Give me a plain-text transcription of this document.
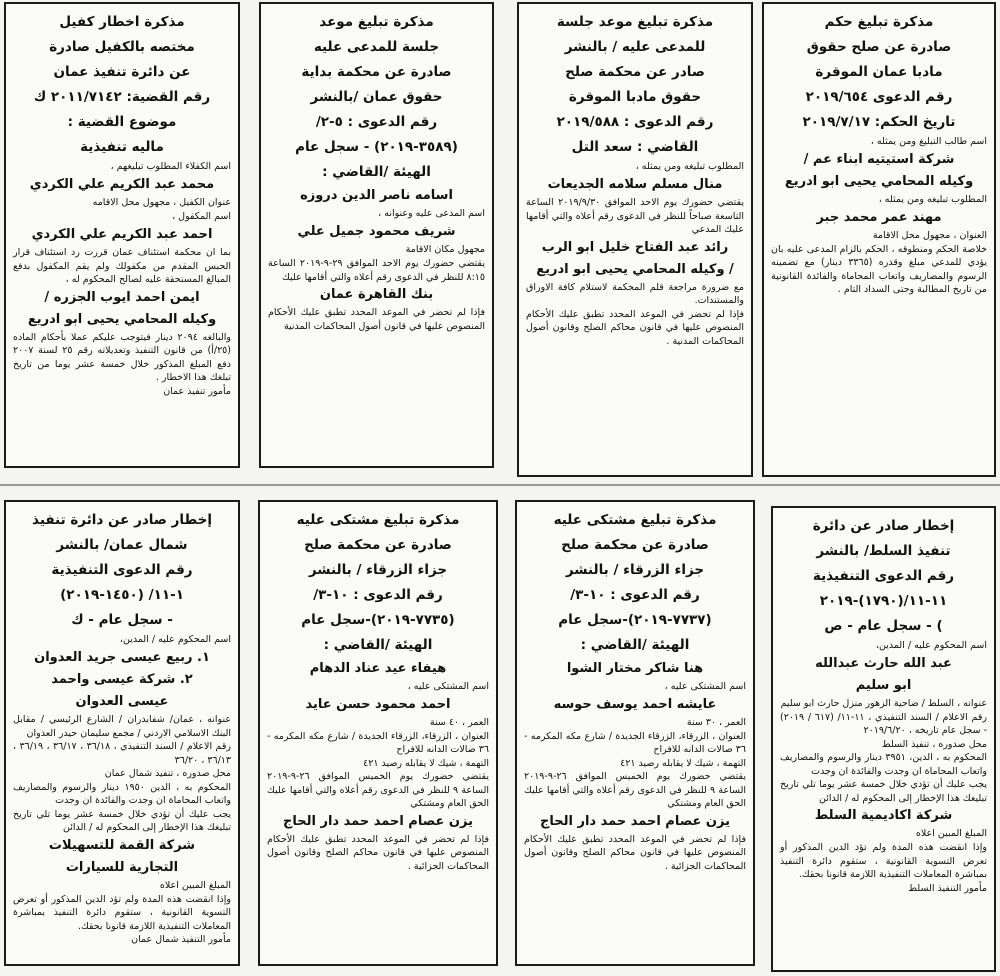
مذكرة تبليغ حكم
صادرة عن صلح حقوق
مادبا عمان الموقرة
رقم الدعوى ٢٠١٩/٦٥٤
تاريخ الحكم: ٢٠١٩/٧/١٧
اسم طالب التبليغ ومن يمثله ،
شركة استيتيه ابناء عم /
وكيله المحامي يحيى ابو ادريع
المطلوب تبليغه ومن يمثله ،
مهند عمر محمد جبر
العنوان ، مجهول محل الاقامة
خلاصة الحكم ومنطوقه ، الحكم بالزام المدعى عليه بان يؤدي للمدعي مبلغ وقدره (٣٣٦٥ دينار) مع تضمينه الرسوم والمصاريف واتعاب المحاماة والفائدة القانونية من تاريخ المطالبة وحتى السداد التام .
مذكرة تبليغ موعد جلسة
للمدعى عليه / بالنشر
صادر عن محكمة صلح
حقوق مادبا الموقرة
رقم الدعوى : ٢٠١٩/٥٨٨
القاضي : سعد التل
المطلوب تبليغه ومن يمثله ،
منال مسلم سلامه الجديعات
يقتضي حضورك يوم الاحد الموافق ٢٠١٩/٩/٣٠ الساعة التاسعة صباحاً للنظر في الدعوى رقم أعلاه والتي أقامها عليك المدعي
رائد عبد الفتاح خليل ابو الرب
/ وكيله المحامي يحيى ابو ادريع
مع ضرورة مراجعة قلم المحكمة لاستلام كافة الاوراق والمستندات.
فإذا لم تحضر في الموعد المحدد تطبق عليك الأحكام المنصوص عليها في قانون محاكم الصلح وقانون أصول المحاكمات المدنية .
مذكرة تبليغ موعد
جلسة للمدعى عليه
صادرة عن محكمة بداية
حقوق عمان /بالنشر
رقم الدعوى : ٥-٢/
(٣٥٨٩-٢٠١٩) - سجل عام
الهيئة /القاضي :
اسامه ناصر الدين دروزه
اسم المدعى عليه وعنوانه ،
شريف محمود جميل علي
مجهول مكان الاقامة
يقتضي حضورك يوم الاحد الموافق ٢٩-٩-٢٠١٩ الساعة ٨:١٥ للنظر في الدعوى رقم أعلاه والتي أقامها عليك
بنك القاهرة عمان
فإذا لم تحضر في الموعد المحدد تطبق عليك الأحكام المنصوص عليها في قانون أصول المحاكمات المدنية
مذكرة اخطار كفيل
مختصه بالكفيل صادرة
عن دائرة تنفيذ عمان
رقم القضية: ٢٠١١/٧١٤٢ ك
موضوع القضية :
ماليه تنفيذية
اسم الكفلاء المطلوب تبليغهم ،
محمد عبد الكريم علي الكردي
عنوان الكفيل ، مجهول محل الاقامه
اسم المكفول ،
احمد عبد الكريم علي الكردي
بما ان محكمة استئناف عمان قررت رد استئناف قرار الحبس المقدم من مكفولك ولم يقم المكفول بدفع المبالغ المستحقة عليه لصالح المحكوم له ،
ايمن احمد ايوب الجزره /
وكيله المحامي يحيى ابو ادريع
والبالغه ٢٠٩٤ دينار فيتوجب عليكم عملا بأحكام الماده (٢٥/أ) من قانون التنفيذ وتعديلاته رقم ٢٥ لسنة ٢٠٠٧ دفع المبلغ المذكور خلال خمسة عشر يوما من تاريخ تبلغك هذا الاخطار .
مأمور تنفيذ عمان
إخطار صادر عن دائرة
تنفيذ السلط/ بالنشر
رقم الدعوى التنفيذية
١١-١١/(١٧٩٠)-٢٠١٩
) - سجل عام - ص
اسم المحكوم عليه / المدين،
عبد الله حارث عبدالله
ابو سليم
عنوانه ، السلط / ضاحية الزهور منزل حارث ابو سليم
رقم الاعلام / السند التنفيذي ، ١١-١١/ (٦١٧ / ٢٠١٩) - سجل عام تاريخه ، ٢٠١٩/٦/٢٠
محل صدوره ، تنفيذ السلط
المحكوم به ، الدين، ٣٩٥١ دينار والرسوم والمصاريف واتعاب المحاماة ان وجدت والفائدة ان وجدت
يجب عليك أن تؤدي خلال خمسة عشر يوما تلي تاريخ تبليغك هذا الإخطار إلى المحكوم له / الدائن
شركة اكاديمية السلط
المبلغ المبين اعلاه
وإذا انقضت هذه المدة ولم تؤد الدين المذكور أو تعرض التسوية القانونية ، ستقوم دائرة التنفيذ بمباشرة المعاملات التنفيذية اللازمة قانونا بحقك.
مأمور التنفيذ السلط
مذكرة تبليغ مشتكى عليه
صادرة عن محكمة صلح
جزاء الزرقاء / بالنشر
رقم الدعوى : ١٠-٣/
(٧٧٣٧-٢٠١٩)-سجل عام
الهيئة /القاضي :
هنا شاكر مختار الشوا
اسم المشتكى عليه ،
عايشه احمد يوسف حوسه
العمر ، ٣٠ سنة
العنوان ، الزرقاء، الزرقاء الجديدة / شارع مكه المكرمه - ٣٦ صالات الدانه للافراح
التهمة ، شيك لا يقابله رصيد ٤٢١
يقتضي حضورك يوم الخميس الموافق ٢٦-٩-٢٠١٩ الساعة ٩ للنظر في الدعوى رقم أعلاه والتي أقامها عليك الحق العام ومشتكي
يزن عصام احمد حمد دار الحاج
فإذا لم تحضر في الموعد المحدد تطبق عليك الأحكام المنصوص عليها في قانون محاكم الصلح وقانون أصول المحاكمات الجزائية .
مذكرة تبليغ مشتكى عليه
صادرة عن محكمة صلح
جزاء الزرقاء / بالنشر
رقم الدعوى : ١٠-٣/
(٧٧٣٥-٢٠١٩)-سجل عام
الهيئة /القاضي :
هيفاء عيد عناد الدهام
اسم المشتكى عليه ،
احمد محمود حسن عايد
العمر ، ٤٠ سنة
العنوان ، الزرقاء، الزرقاء الجديدة / شارع مكه المكرمه - ٣٦ صالات الدانه للافراح
التهمة ، شيك لا يقابله رصيد ٤٢١
يقتضي حضورك يوم الخميس الموافق ٢٦-٩-٢٠١٩ الساعة ٩ للنظر في الدعوى رقم أعلاه والتي أقامها عليك الحق العام ومشتكي
يزن عصام احمد حمد دار الحاج
فإذا لم تحضر في الموعد المحدد تطبق عليك الأحكام المنصوص عليها في قانون محاكم الصلح وقانون أصول المحاكمات الجزائية .
إخطار صادر عن دائرة تنفيذ
شمال عمان/ بالنشر
رقم الدعوى التنفيذية
١-١١/ (١٤٥٠-٢٠١٩)
- سجل عام - ك
اسم المحكوم عليه / المدين،
١. ربيع عيسى جريد العدوان
٢. شركة عيسى واحمد
عيسى العدوان
عنوانه ، عمان/ شفابدران / الشارع الرئيسي / مقابل البنك الاسلامي الاردني / مجمع سليمان حيدر العدوان
رقم الاعلام / السند التنفيذي ، ٣٦/١٨ ، ٣٦/١٧ ، ٣٦/١٩ ، ٣٦/١٣ ، ٣٦/٢٠
محل صدوره ، تنفيذ شمال عمان
المحكوم به ، الدين ١٩٥٠ دينار والرسوم والمصاريف واتعاب المحاماة ان وجدت والفائدة ان وجدت
يجب عليك أن تؤدي خلال خمسة عشر يوما تلي تاريخ تبليغك هذا الإخطار إلى المحكوم له / الدائن
شركة القمة للتسهيلات
التجارية للسيارات
المبلغ المبين اعلاه
وإذا انقضت هذه المدة ولم تؤد الدين المذكور أو تعرض التسوية القانونية ، ستقوم دائرة التنفيذ بمباشرة المعاملات التنفيذية اللازمة قانونا بحقك.
مأمور التنفيذ شمال عمان
